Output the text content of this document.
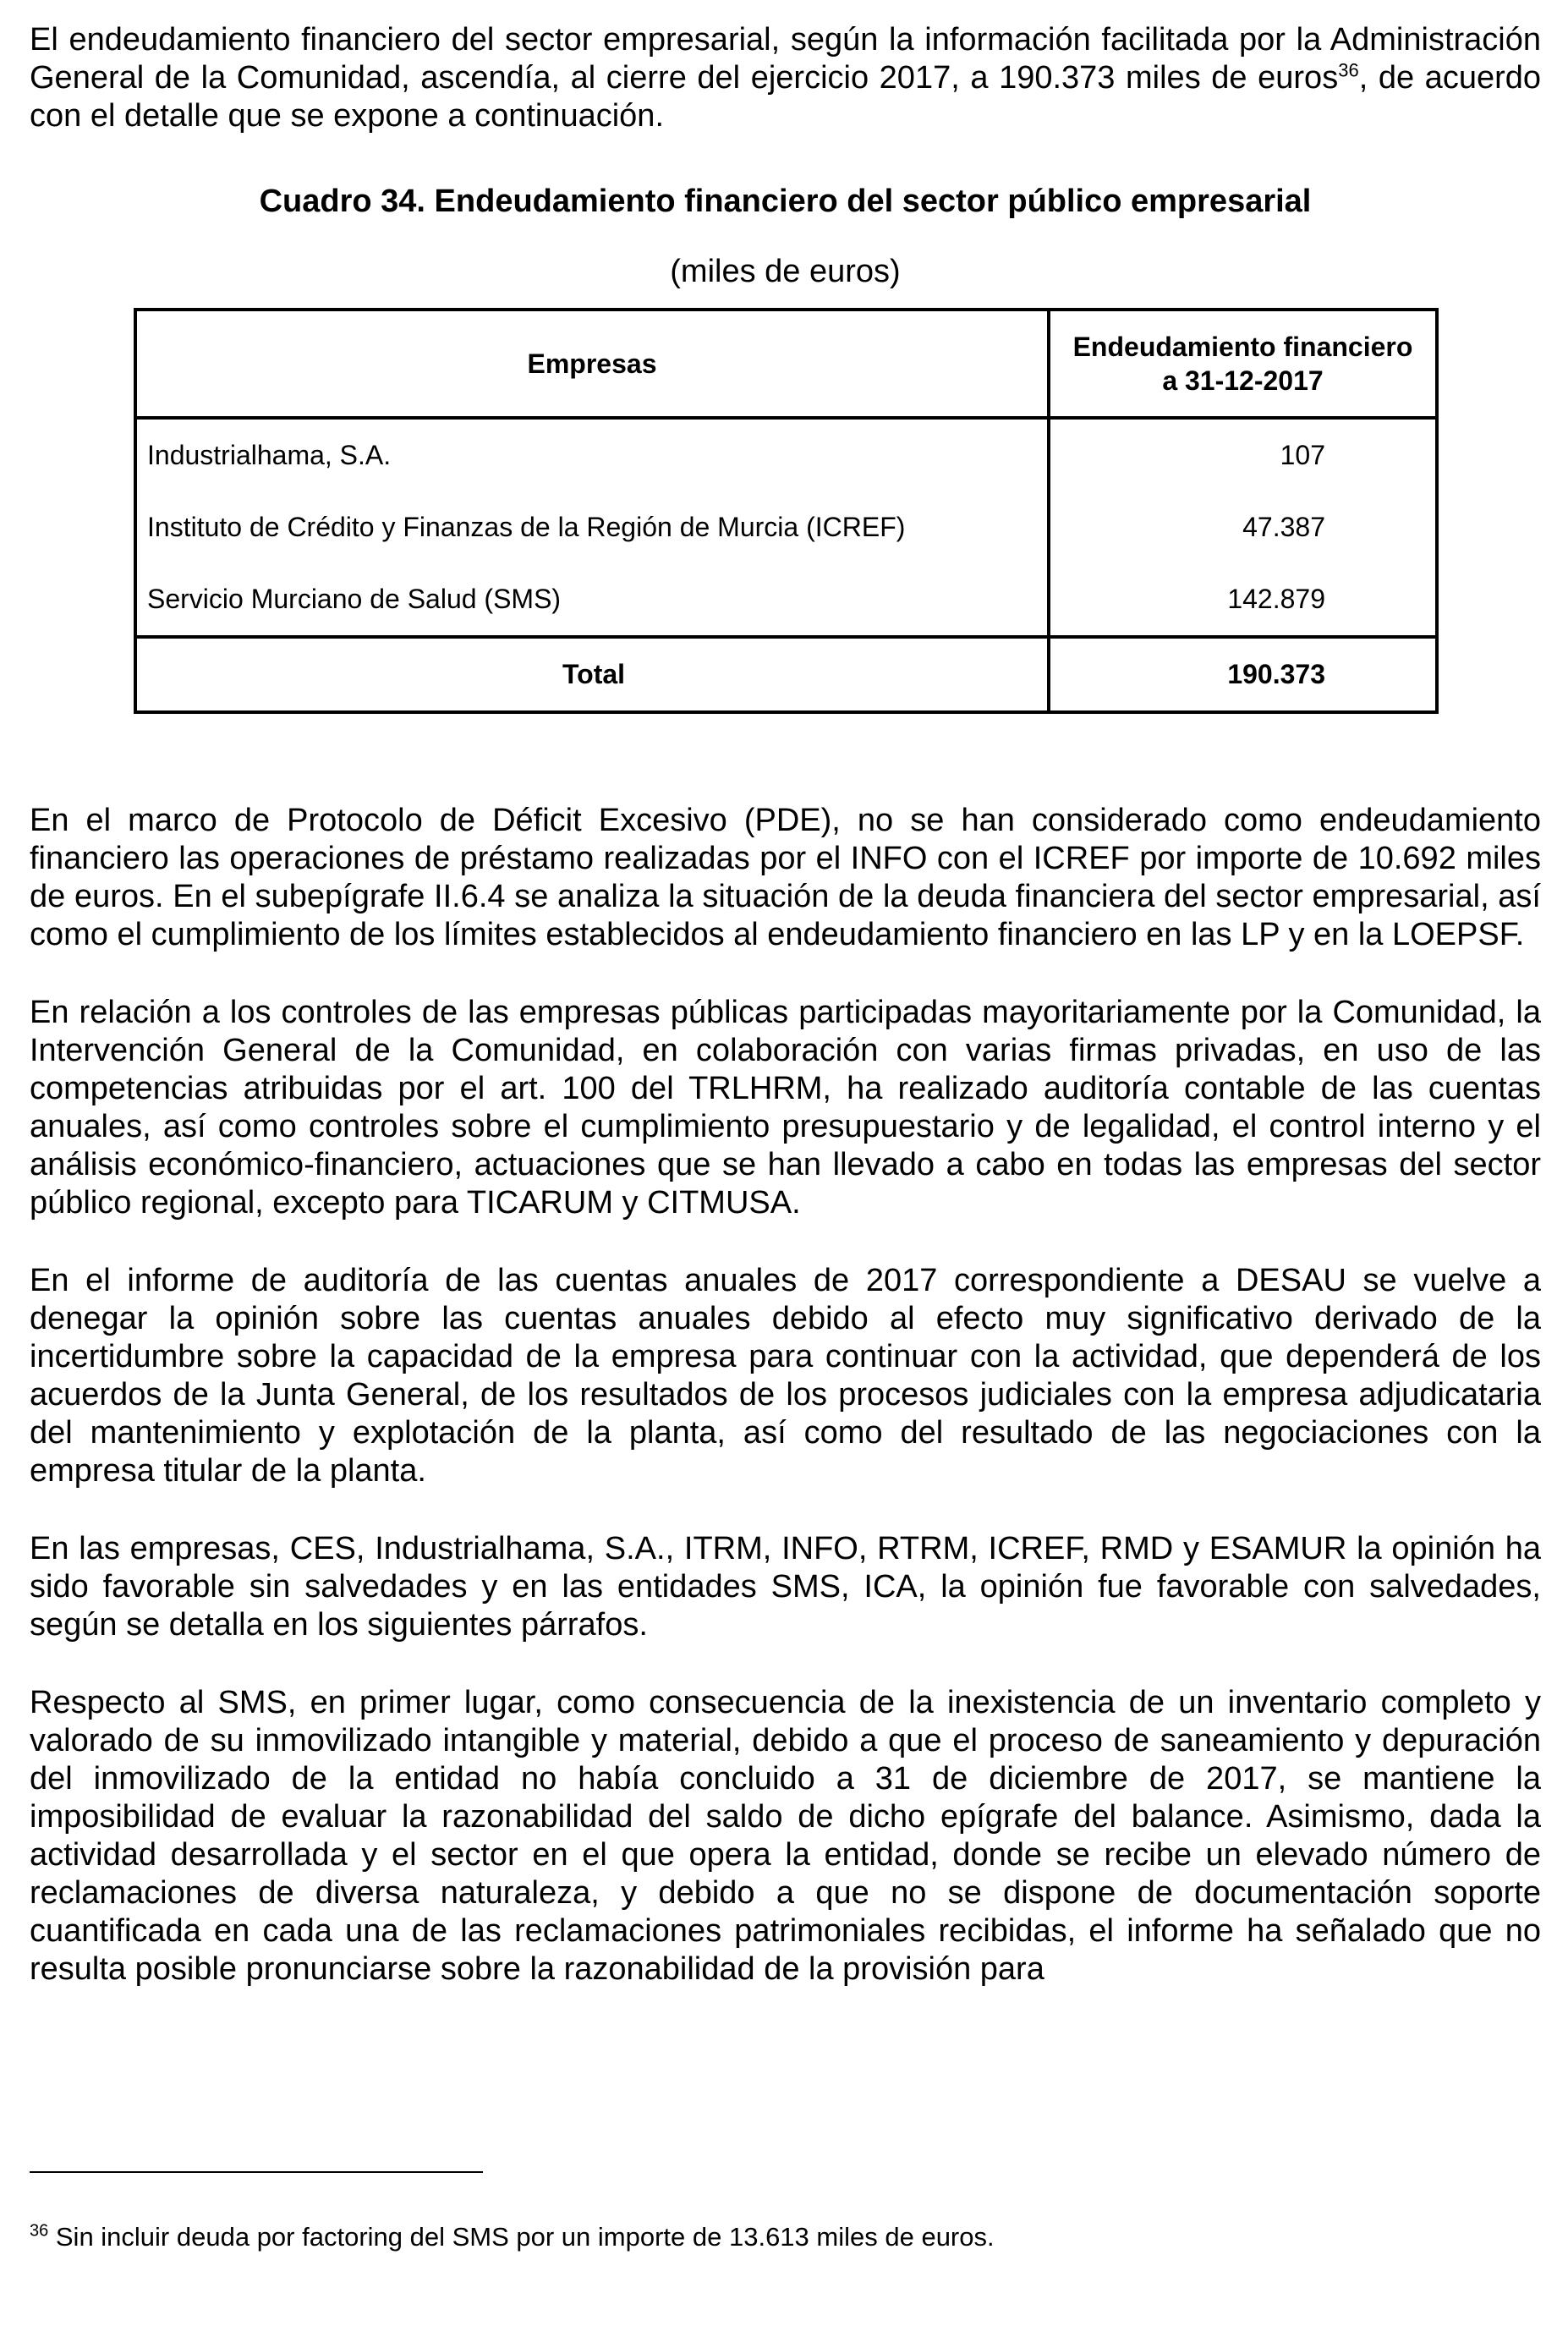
El endeudamiento financiero del sector empresarial, según la información facilitada por la Administración General de la Comunidad, ascendía, al cierre del ejercicio 2017, a 190.373 miles de euros$^{36}$, de acuerdo con el detalle que se expone a continuación.

Cuadro 34. Endeudamiento financiero del sector público empresarial
(miles de euros)
Empresas	Endeudamiento financiero
a 31-12-2017
Industrialhama, S.A.	107
Instituto de Crédito y Finanzas de la Región de Murcia (ICREF)	47.387
Servicio Murciano de Salud (SMS)	142.879
Total	190.373

En el marco de Protocolo de Déficit Excesivo (PDE), no se han considerado como endeudamiento financiero las operaciones de préstamo realizadas por el INFO con el ICREF por importe de 10.692 miles de euros. En el subepígrafe II.6.4 se analiza la situación de la deuda financiera del sector empresarial, así como el cumplimiento de los límites establecidos al endeudamiento financiero en las LP y en la LOEPSF.

En relación a los controles de las empresas públicas participadas mayoritariamente por la Comunidad, la Intervención General de la Comunidad, en colaboración con varias firmas privadas, en uso de las competencias atribuidas por el art. 100 del TRLHRM, ha realizado auditoría contable de las cuentas anuales, así como controles sobre el cumplimiento presupuestario y de legalidad, el control interno y el análisis económico-financiero, actuaciones que se han llevado a cabo en todas las empresas del sector público regional, excepto para TICARUM y CITMUSA.

En el informe de auditoría de las cuentas anuales de 2017 correspondiente a DESAU se vuelve a denegar la opinión sobre las cuentas anuales debido al efecto muy significativo derivado de la incertidumbre sobre la capacidad de la empresa para continuar con la actividad, que dependerá de los acuerdos de la Junta General, de los resultados de los procesos judiciales con la empresa adjudicataria del mantenimiento y explotación de la planta, así como del resultado de las negociaciones con la empresa titular de la planta.

En las empresas, CES, Industrialhama, S.A., ITRM, INFO, RTRM, ICREF, RMD y ESAMUR la opinión ha sido favorable sin salvedades y en las entidades SMS, ICA, la opinión fue favorable con salvedades, según se detalla en los siguientes párrafos.

Respecto al SMS, en primer lugar, como consecuencia de la inexistencia de un inventario completo y valorado de su inmovilizado intangible y material, debido a que el proceso de saneamiento y depuración del inmovilizado de la entidad no había concluido a 31 de diciembre de 2017, se mantiene la imposibilidad de evaluar la razonabilidad del saldo de dicho epígrafe del balance. Asimismo, dada la actividad desarrollada y el sector en el que opera la entidad, donde se recibe un elevado número de reclamaciones de diversa naturaleza, y debido a que no se dispone de documentación soporte cuantificada en cada una de las reclamaciones patrimoniales recibidas, el informe ha señalado que no resulta posible pronunciarse sobre la razonabilidad de la provisión para

$^{36}$ Sin incluir deuda por factoring del SMS por un importe de 13.613 miles de euros.
